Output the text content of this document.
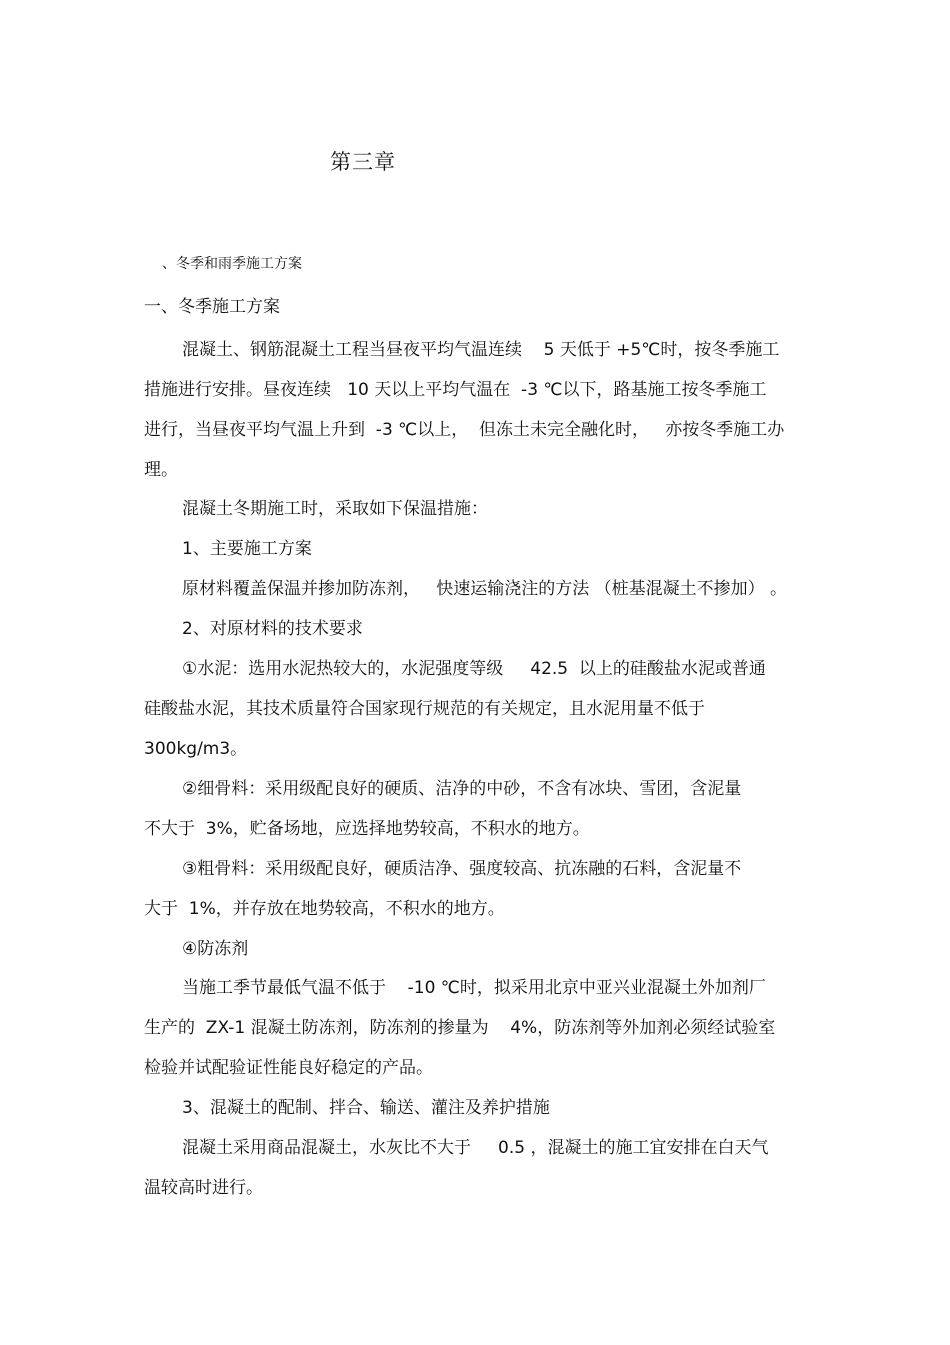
第三章
、冬季和雨季施工方案
一、冬季施工方案
混凝土、钢筋混凝土工程当昼夜平均气温连续    5 天低于 +5℃时，按冬季施工
措施进行安排。昼夜连续   10 天以上平均气温在  -3 ℃以下，路基施工按冬季施工
进行，当昼夜平均气温上升到  -3 ℃以上，  但冻土未完全融化时，   亦按冬季施工办
理。
混凝土冬期施工时，采取如下保温措施：
1、主要施工方案
原材料覆盖保温并掺加防冻剂，   快速运输浇注的方法 （桩基混凝土不掺加） 。
2、对原材料的技术要求
①水泥：选用水泥热较大的，水泥强度等级     42.5  以上的硅酸盐水泥或普通
硅酸盐水泥，其技术质量符合国家现行规范的有关规定，且水泥用量不低于
300kg/m3。
②细骨料：采用级配良好的硬质、洁净的中砂，不含有冰块、雪团，含泥量
不大于  3%，贮备场地，应选择地势较高，不积水的地方。
③粗骨料：采用级配良好，硬质洁净、强度较高、抗冻融的石料，含泥量不
大于  1%，并存放在地势较高，不积水的地方。
④防冻剂
当施工季节最低气温不低于    -10 ℃时，拟采用北京中亚兴业混凝土外加剂厂
生产的  ZX-1 混凝土防冻剂，防冻剂的掺量为    4%，防冻剂等外加剂必须经试验室
检验并试配验证性能良好稳定的产品。
3、混凝土的配制、拌合、输送、灌注及养护措施
混凝土采用商品混凝土，水灰比不大于     0.5 ，混凝土的施工宜安排在白天气
温较高时进行。
